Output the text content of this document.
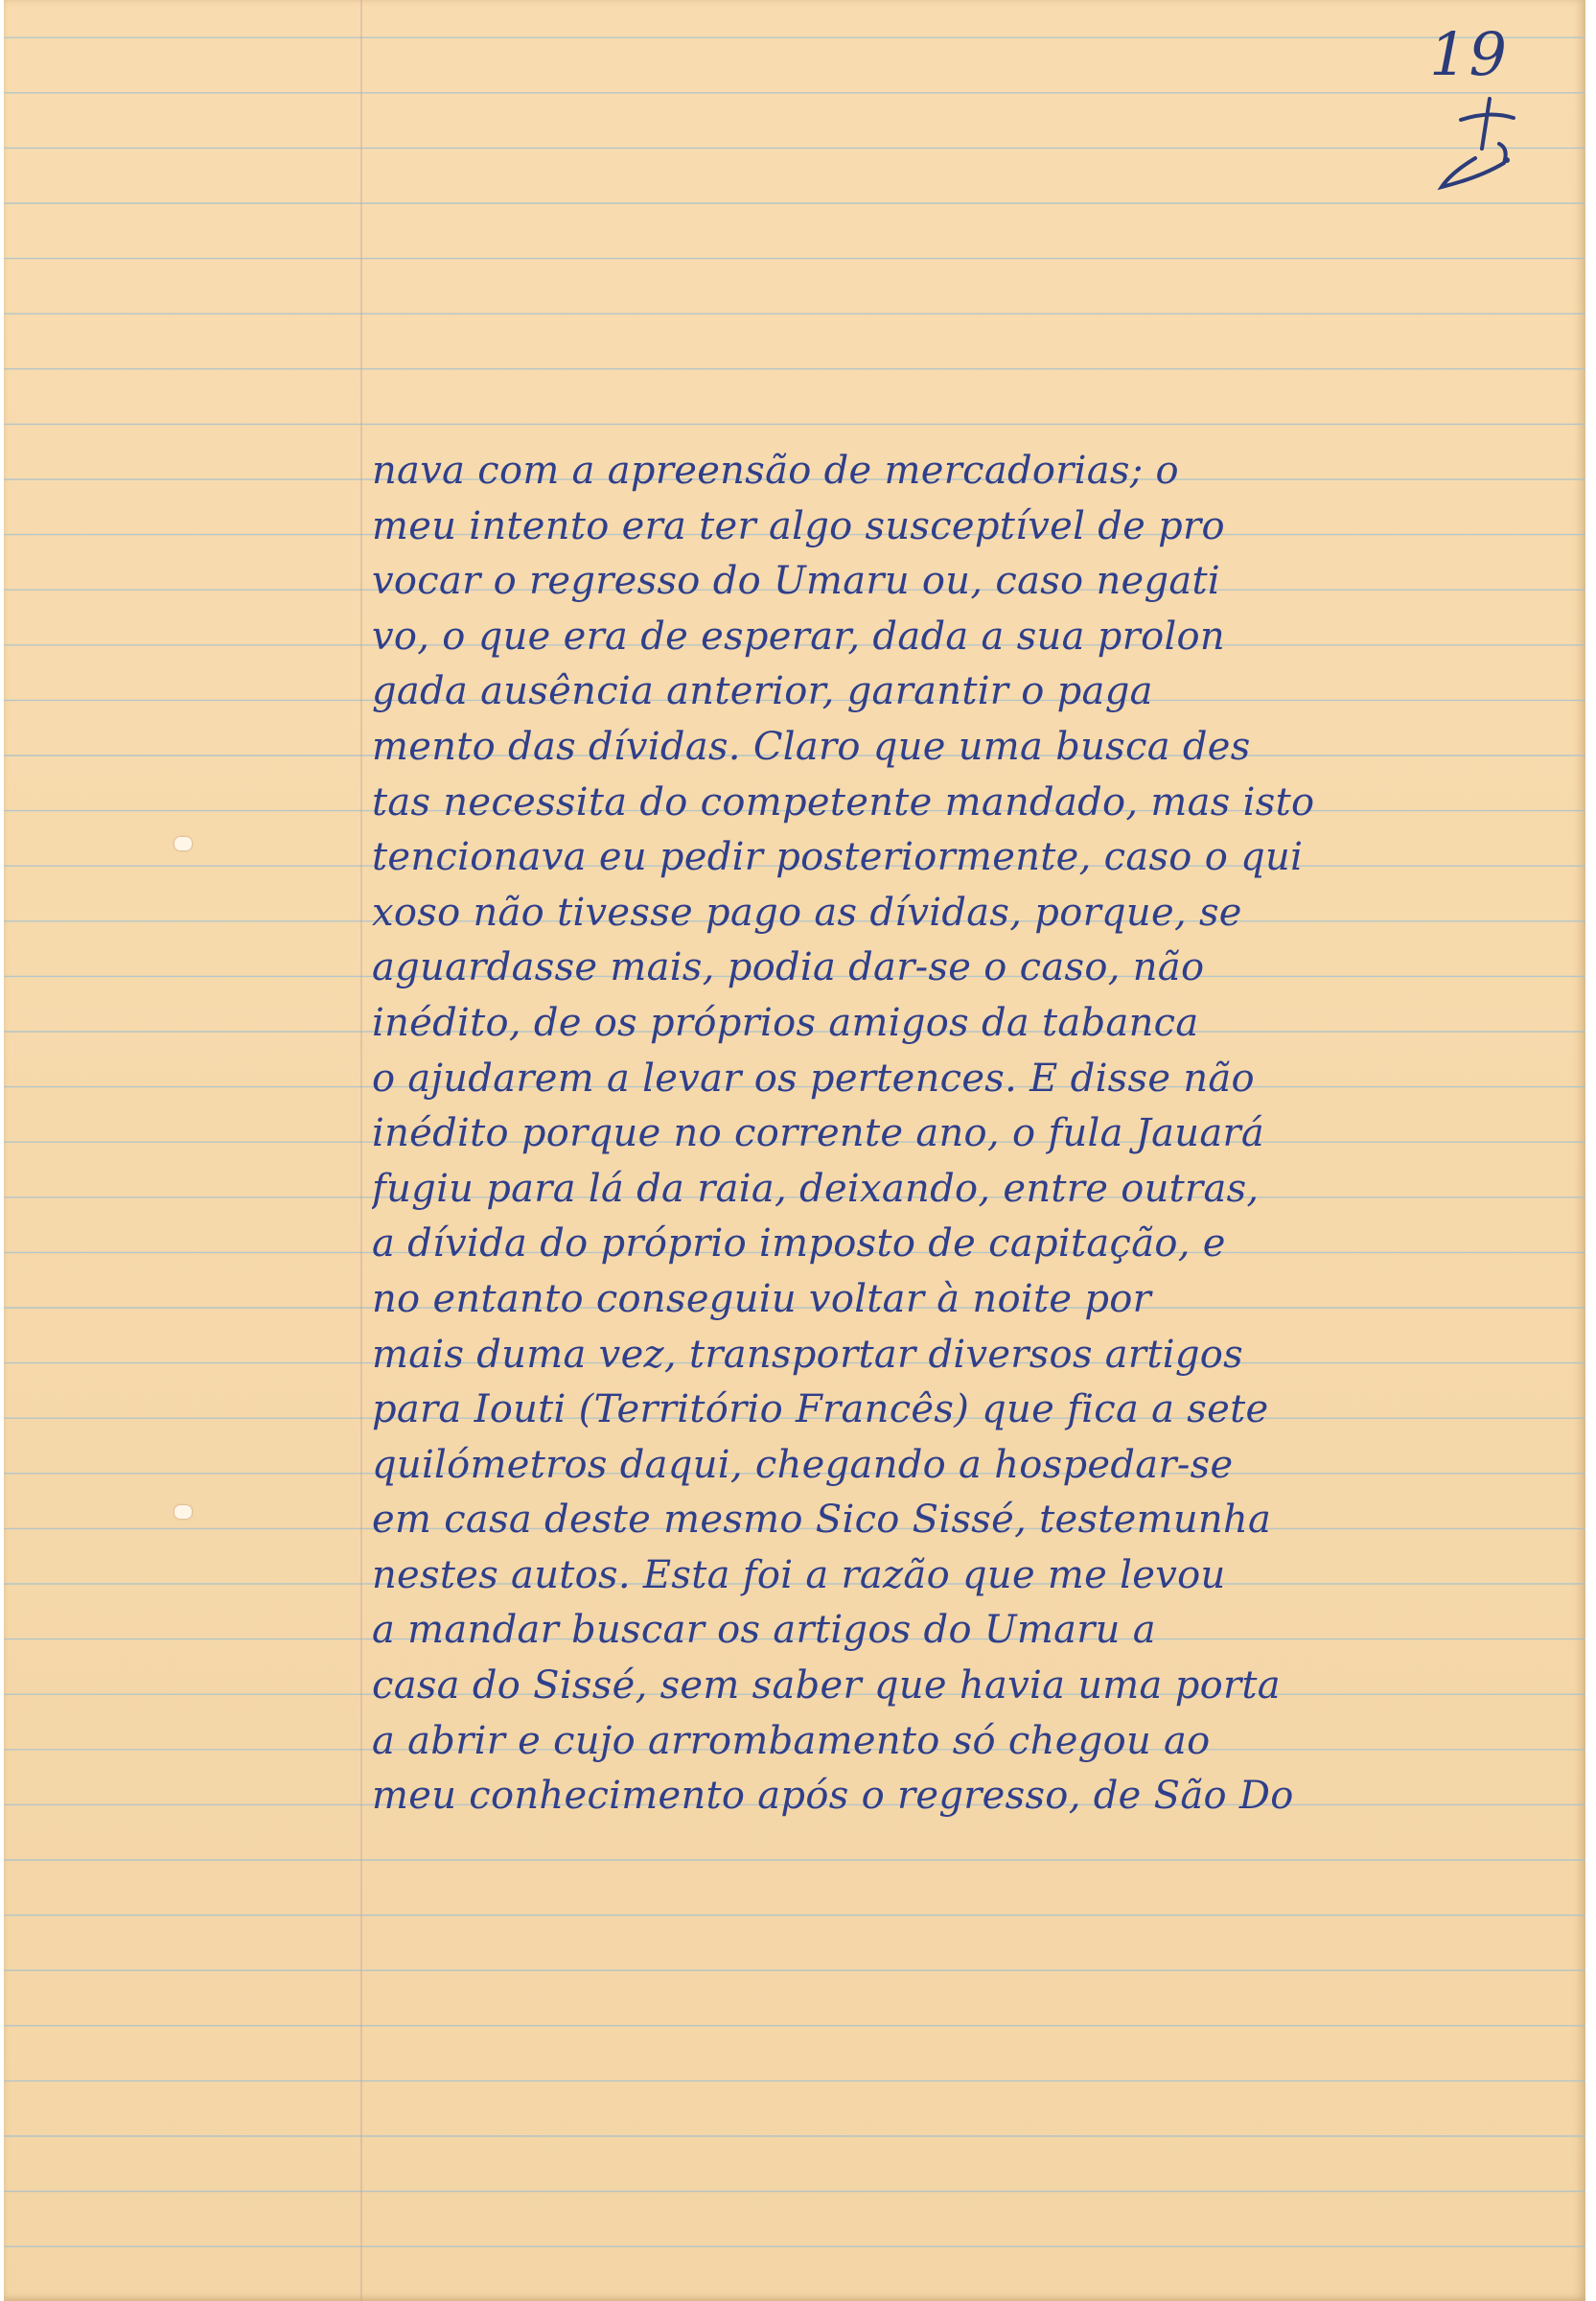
19
nava com a apreensão de mercadorias; o
meu intento era ter algo susceptível de pro
vocar o regresso do Umaru ou, caso negati
vo, o que era de esperar, dada a sua prolon
gada ausência anterior, garantir o paga
mento das dívidas. Claro que uma busca des
tas necessita do competente mandado, mas isto
tencionava eu pedir posteriormente, caso o qui
xoso não tivesse pago as dívidas, porque, se
aguardasse mais, podia dar-se o caso, não
inédito, de os próprios amigos da tabanca
o ajudarem a levar os pertences. E disse não
inédito porque no corrente ano, o fula Jauará
fugiu para lá da raia, deixando, entre outras,
a dívida do próprio imposto de capitação, e
no entanto conseguiu voltar à noite por
mais duma vez, transportar diversos artigos
para Iouti (Território Francês) que fica a sete
quilómetros daqui, chegando a hospedar-se
em casa deste mesmo Sico Sissé, testemunha
nestes autos. Esta foi a razão que me levou
a mandar buscar os artigos do Umaru a
casa do Sissé, sem saber que havia uma porta
a abrir e cujo arrombamento só chegou ao
meu conhecimento após o regresso, de São Do
